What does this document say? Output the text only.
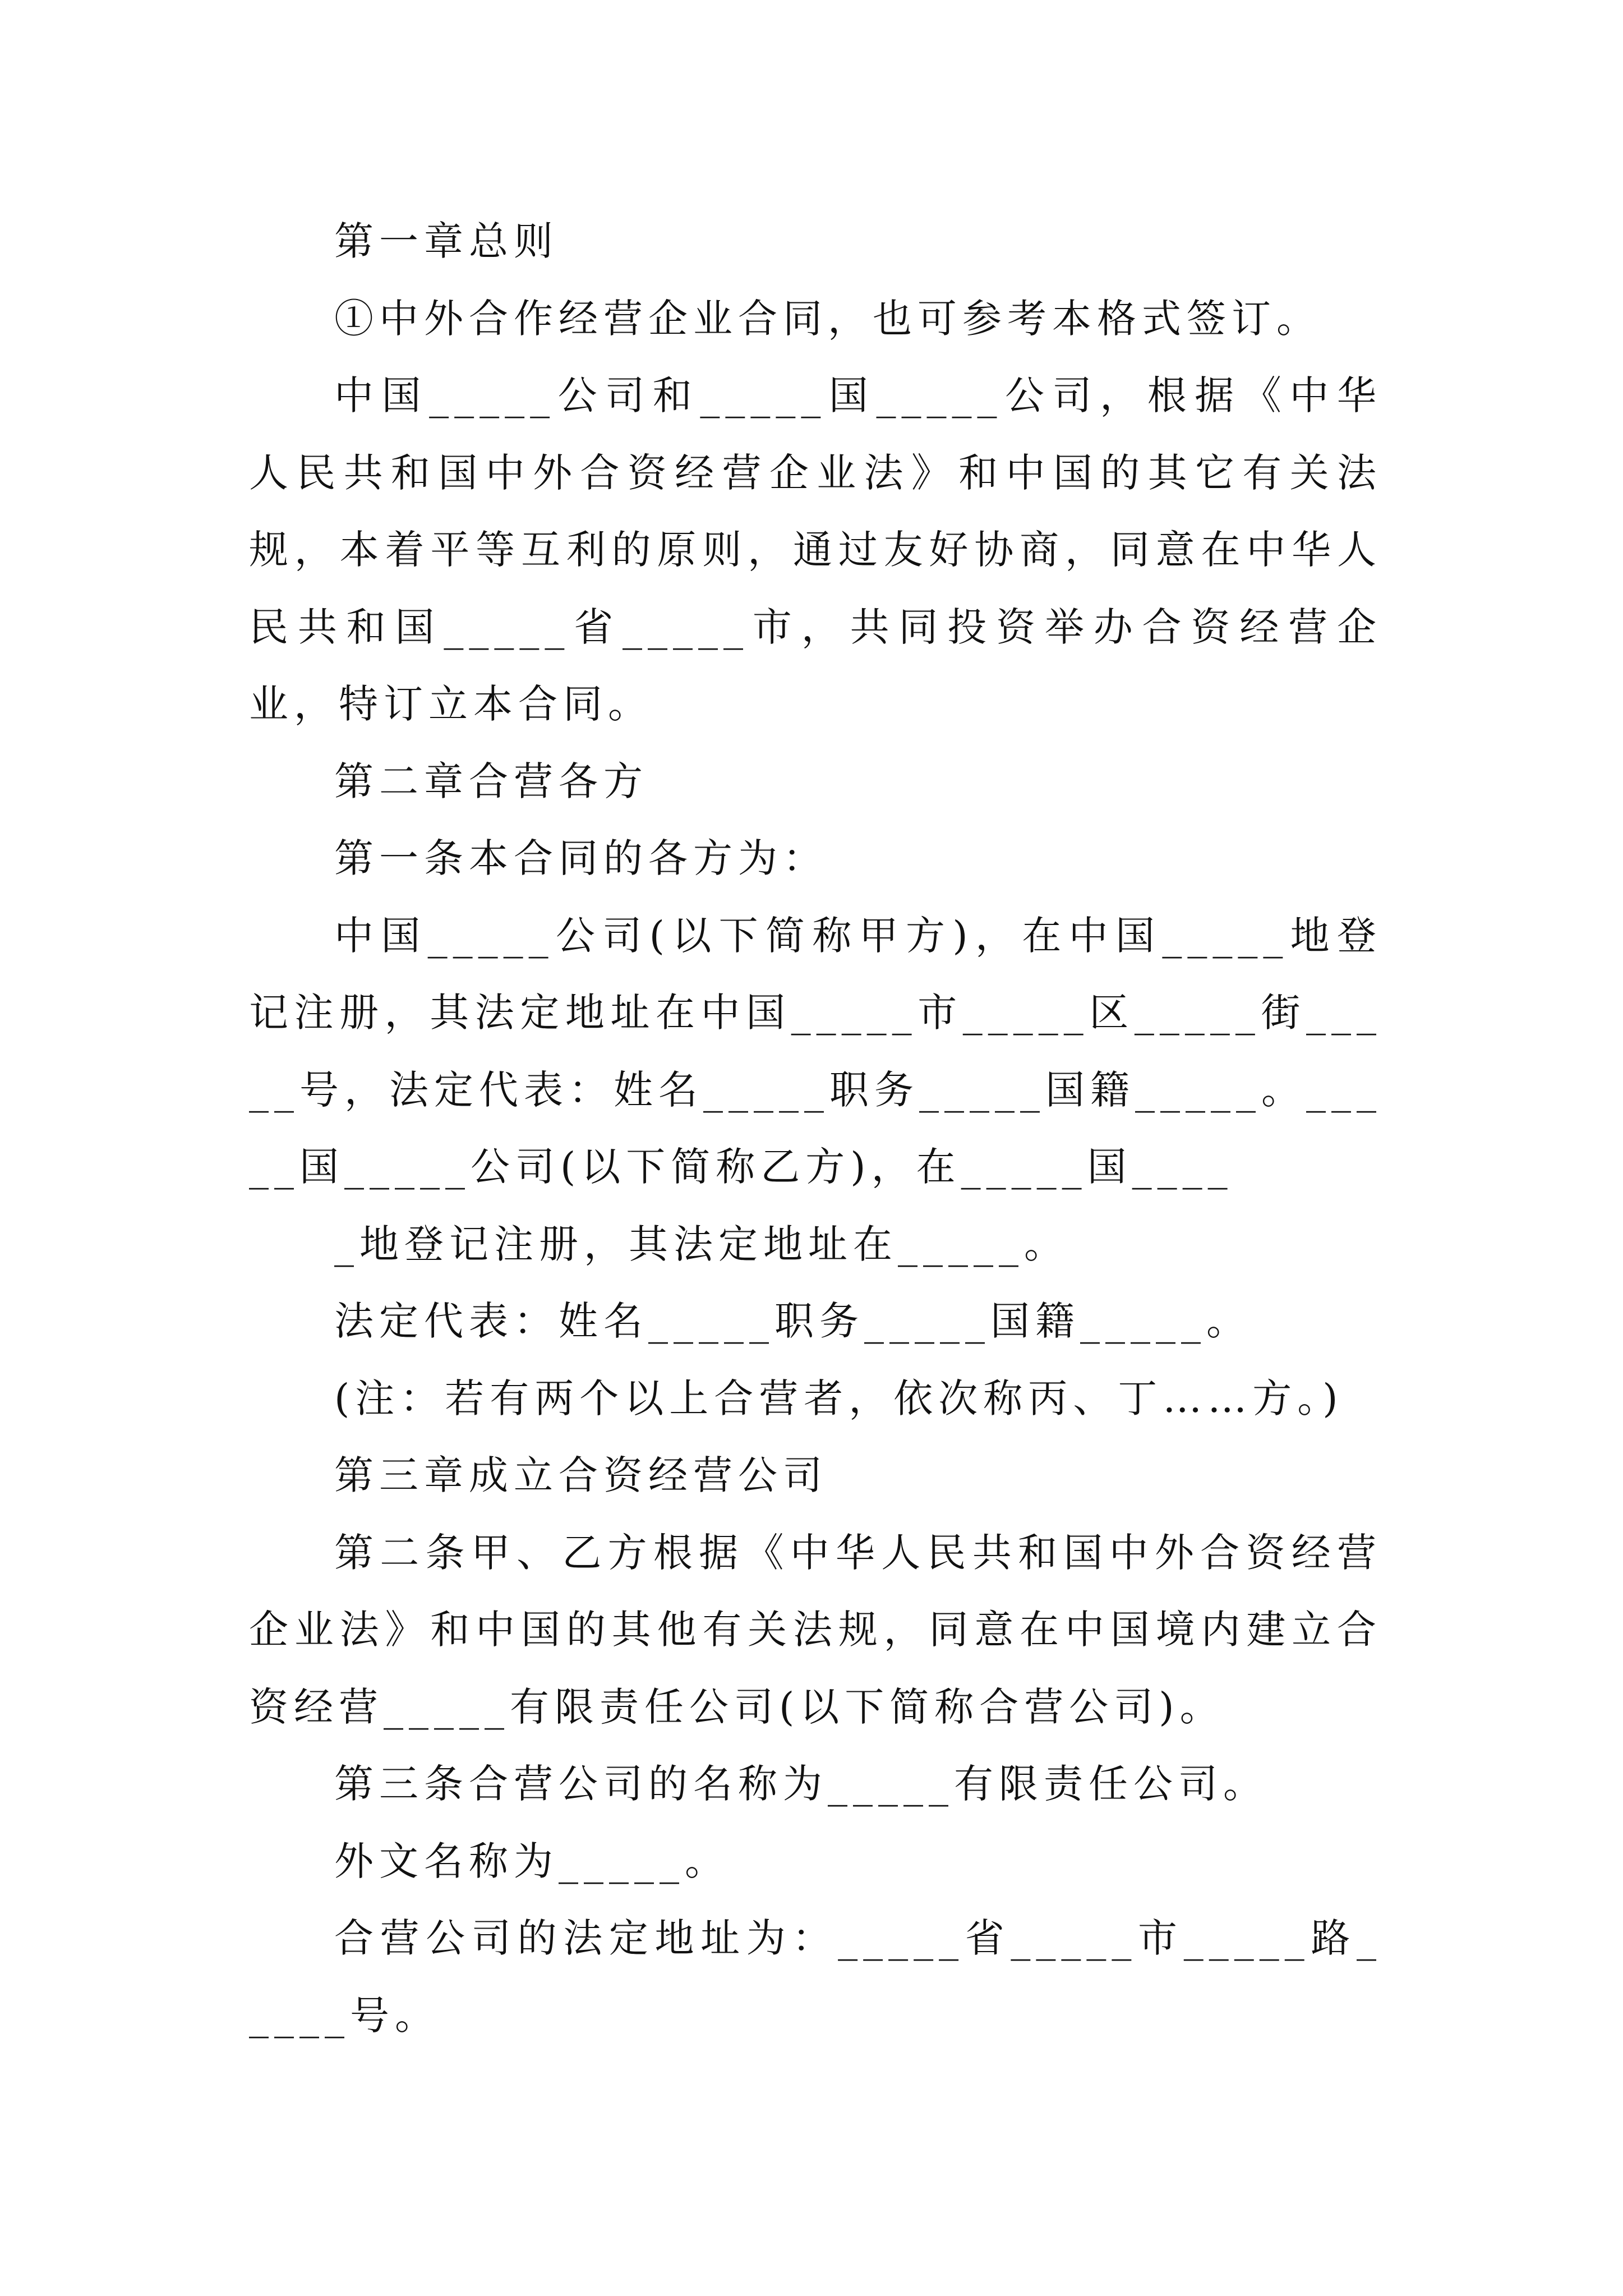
第一章总则

①中外合作经营企业合同，也可参考本格式签订。

中国_____公司和_____国_____公司，根据《中华人民共和国中外合资经营企业法》和中国的其它有关法规，本着平等互利的原则，通过友好协商，同意在中华人民共和国_____省_____市，共同投资举办合资经营企业，特订立本合同。

第二章合营各方

第一条本合同的各方为：

中国_____公司(以下简称甲方)，在中国_____地登记注册，其法定地址在中国_____市_____区_____街_____号，法定代表：姓名_____职务_____国籍_____。_____国_____公司(以下简称乙方)，在_____国____

_地登记注册，其法定地址在_____。

法定代表：姓名_____职务_____国籍_____。

(注：若有两个以上合营者，依次称丙、丁……方。)

第三章成立合资经营公司

第二条甲、乙方根据《中华人民共和国中外合资经营企业法》和中国的其他有关法规，同意在中国境内建立合资经营_____有限责任公司(以下简称合营公司)。

第三条合营公司的名称为_____有限责任公司。

外文名称为_____。

合营公司的法定地址为：_____省_____市_____路_____号。
